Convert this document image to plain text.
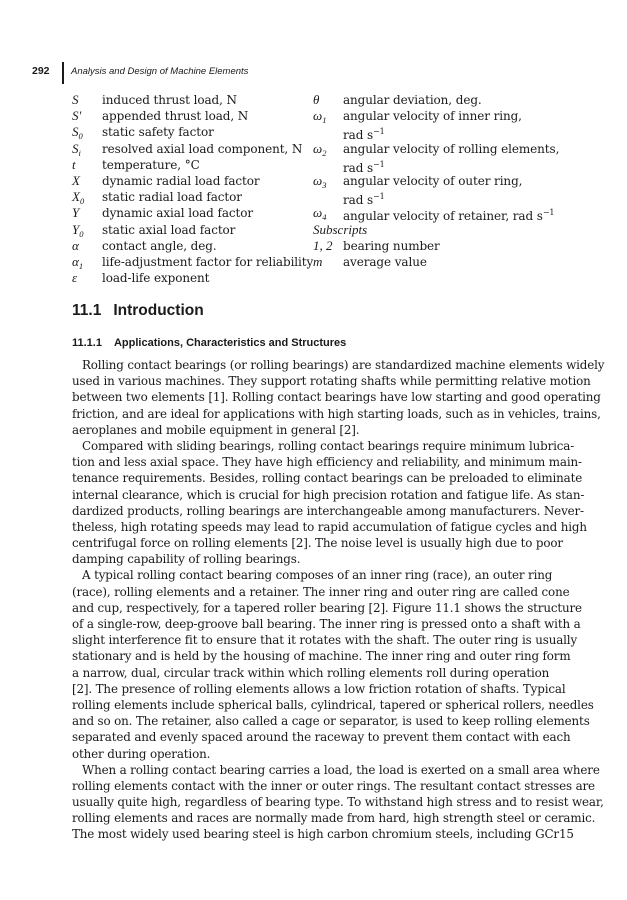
292 Analysis and Design of Machine Elements
S induced thrust load, N
S′ appended thrust load, N
$S_0$ static safety factor
$S_i$ resolved axial load component, N
t temperature, °C
X dynamic radial load factor
$X_0$ static radial load factor
Y dynamic axial load factor
$Y_0$ static axial load factor
α contact angle, deg.
$\alpha_1$ life-adjustment factor for reliability
ε load-life exponent
θ angular deviation, deg.
$\omega_1$ angular velocity of inner ring,
rad $s^{-1}$
$\omega_2$ angular velocity of rolling elements,
rad $s^{-1}$
$\omega_3$ angular velocity of outer ring,
rad $s^{-1}$
$\omega_4$ angular velocity of retainer, rad $s^{-1}$
Subscripts
1, 2 bearing number
m average value
11.1 Introduction
11.1.1 Applications, Characteristics and Structures
Rolling contact bearings (or rolling bearings) are standardized machine elements widely
used in various machines. They support rotating shafts while permitting relative motion
between two elements [1]. Rolling contact bearings have low starting and good operating
friction, and are ideal for applications with high starting loads, such as in vehicles, trains,
aeroplanes and mobile equipment in general [2].
Compared with sliding bearings, rolling contact bearings require minimum lubrica-
tion and less axial space. They have high efficiency and reliability, and minimum main-
tenance requirements. Besides, rolling contact bearings can be preloaded to eliminate
internal clearance, which is crucial for high precision rotation and fatigue life. As stan-
dardized products, rolling bearings are interchangeable among manufacturers. Never-
theless, high rotating speeds may lead to rapid accumulation of fatigue cycles and high
centrifugal force on rolling elements [2]. The noise level is usually high due to poor
damping capability of rolling bearings.
A typical rolling contact bearing composes of an inner ring (race), an outer ring
(race), rolling elements and a retainer. The inner ring and outer ring are called cone
and cup, respectively, for a tapered roller bearing [2]. Figure 11.1 shows the structure
of a single-row, deep-groove ball bearing. The inner ring is pressed onto a shaft with a
slight interference fit to ensure that it rotates with the shaft. The outer ring is usually
stationary and is held by the housing of machine. The inner ring and outer ring form
a narrow, dual, circular track within which rolling elements roll during operation
[2]. The presence of rolling elements allows a low friction rotation of shafts. Typical
rolling elements include spherical balls, cylindrical, tapered or spherical rollers, needles
and so on. The retainer, also called a cage or separator, is used to keep rolling elements
separated and evenly spaced around the raceway to prevent them contact with each
other during operation.
When a rolling contact bearing carries a load, the load is exerted on a small area where
rolling elements contact with the inner or outer rings. The resultant contact stresses are
usually quite high, regardless of bearing type. To withstand high stress and to resist wear,
rolling elements and races are normally made from hard, high strength steel or ceramic.
The most widely used bearing steel is high carbon chromium steels, including GCr15
